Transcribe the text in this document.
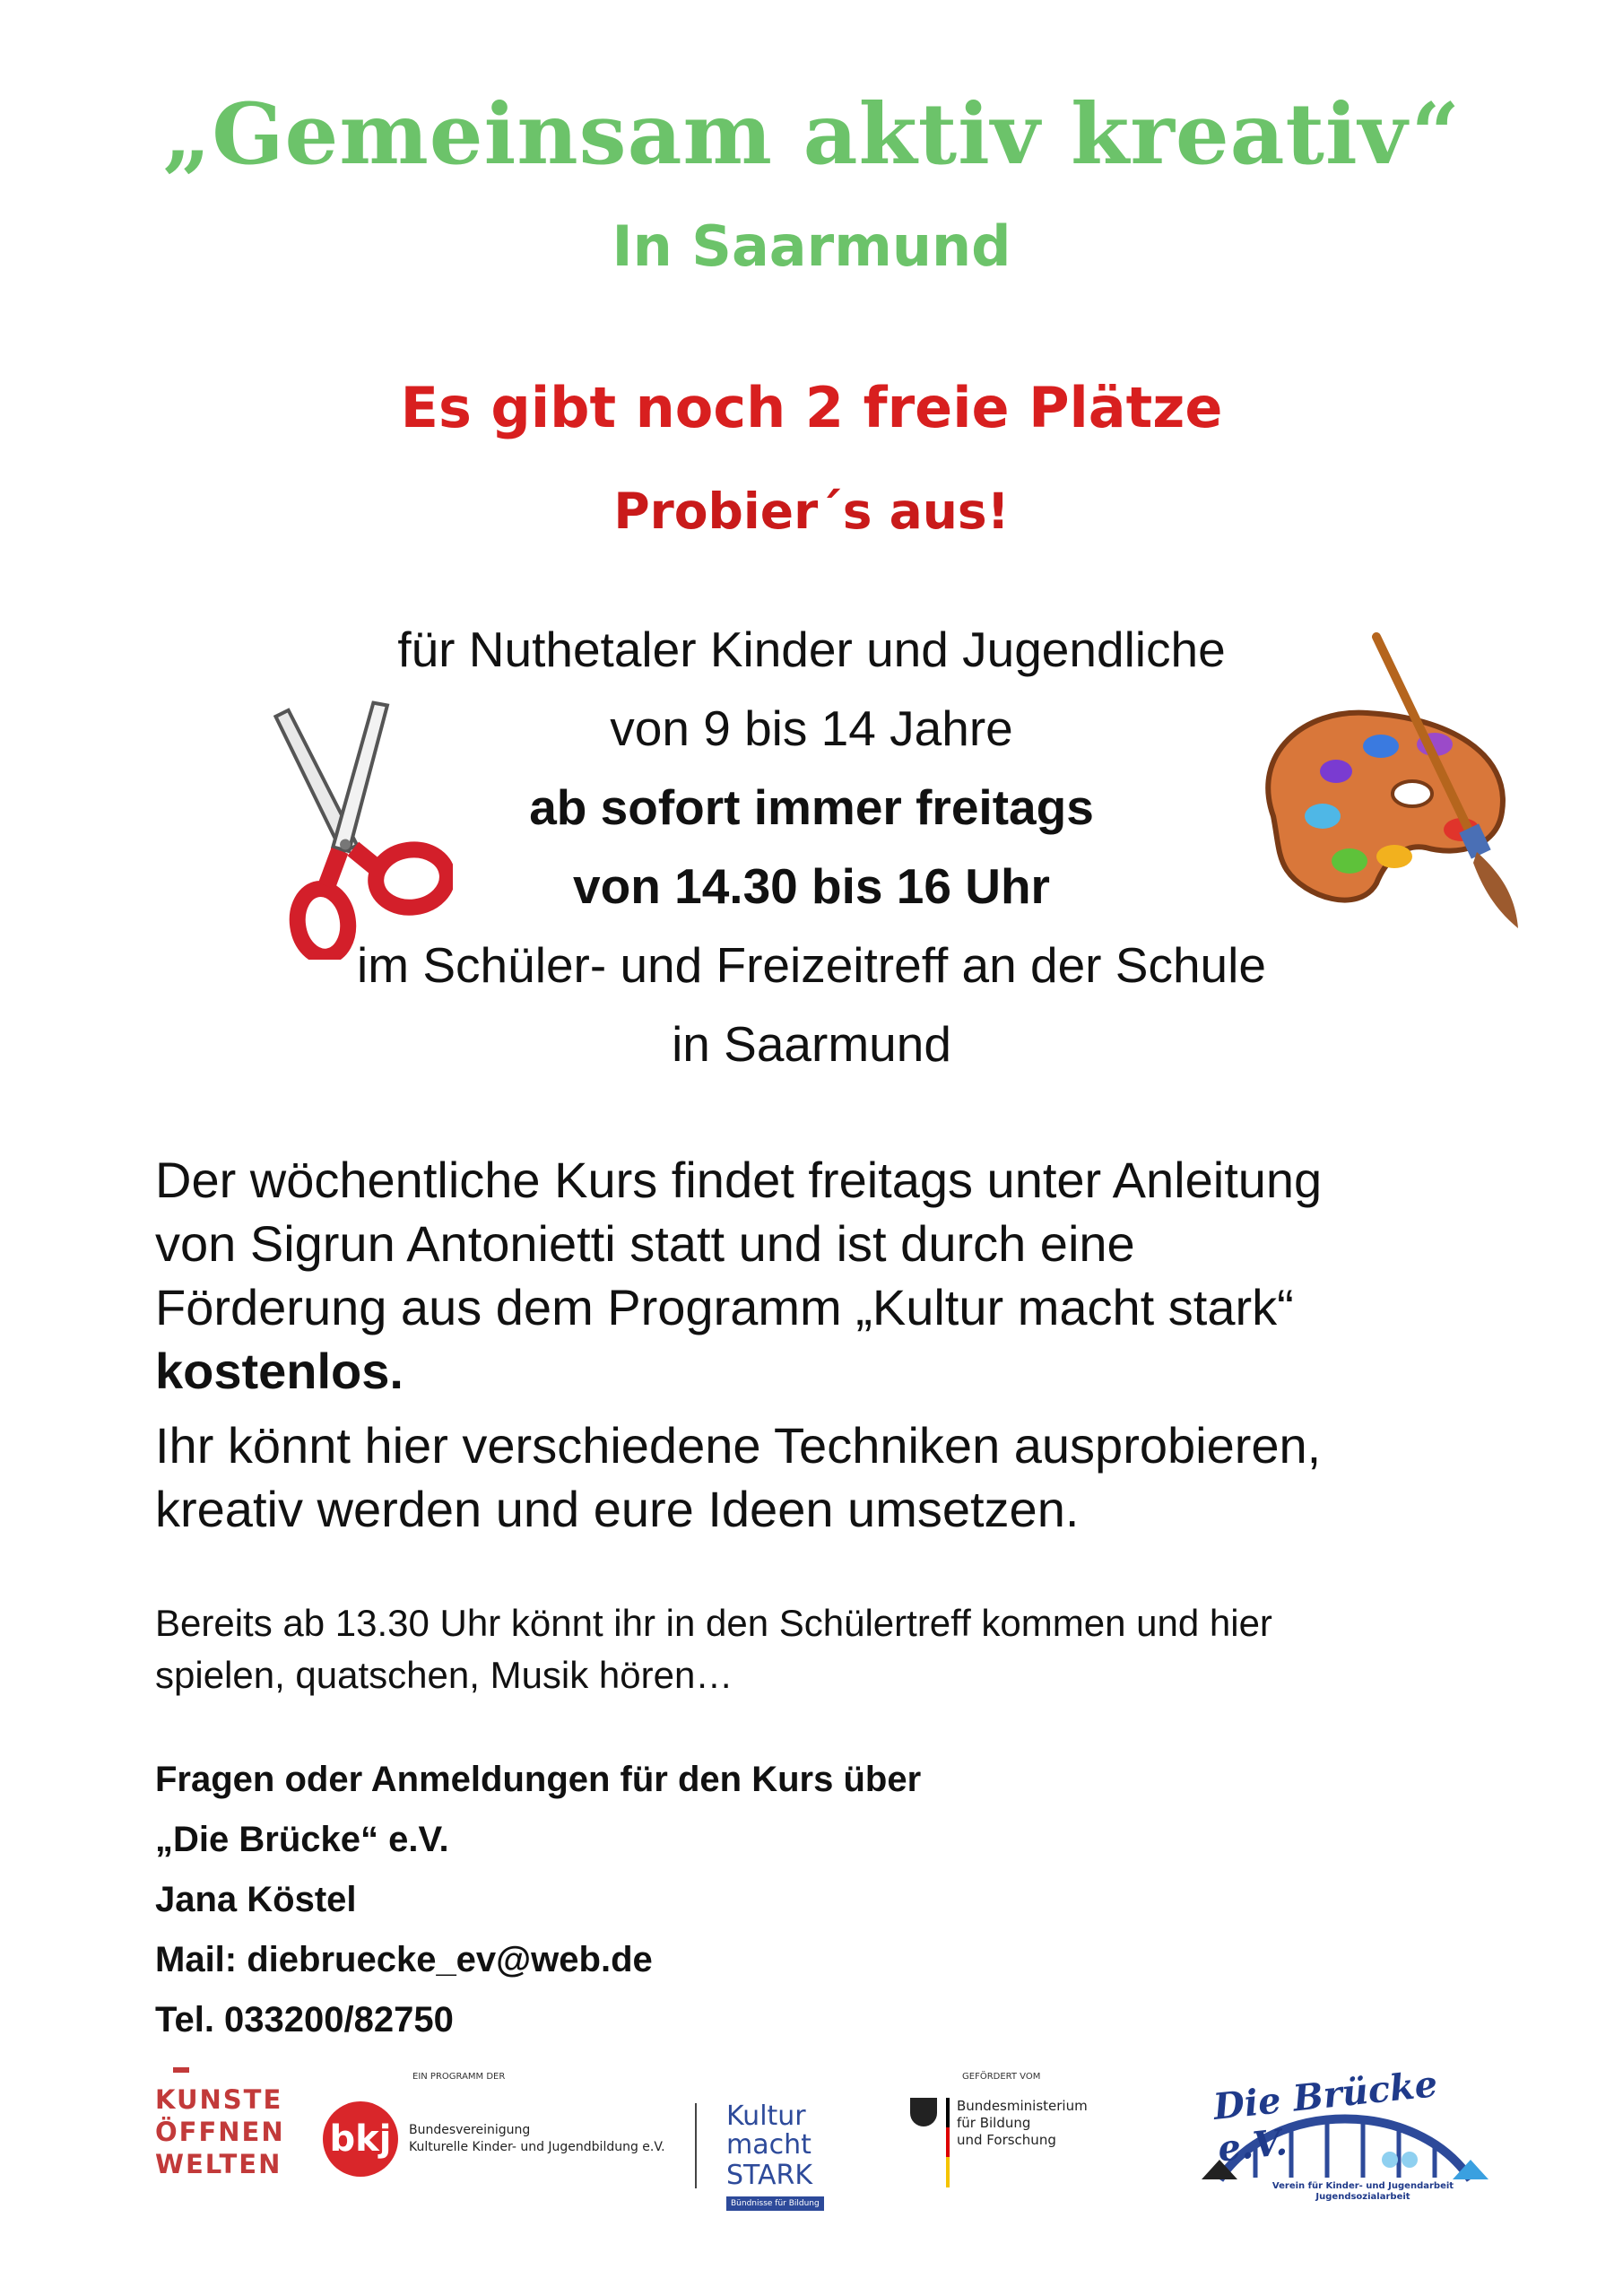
„Gemeinsam aktiv kreativ“
In Saarmund
Es gibt noch 2 freie Plätze
Probier´s aus!
für Nuthetaler Kinder und Jugendliche
von 9 bis 14 Jahre
ab sofort immer freitags
von 14.30 bis 16 Uhr
im Schüler- und Freizeitreff an der Schule
in Saarmund
Der wöchentliche Kurs findet freitags unter Anleitung
von Sigrun Antonietti statt und ist durch eine
Förderung aus dem Programm „Kultur macht stark“
kostenlos.
Ihr könnt hier verschiedene Techniken ausprobieren,
kreativ werden und eure Ideen umsetzen.
Bereits ab 13.30 Uhr könnt ihr in den Schülertreff kommen und hier
spielen, quatschen, Musik hören…
Fragen oder Anmeldungen für den Kurs über
„Die Brücke“ e.V.
Jana Köstel
Mail: diebruecke_ev@web.de
Tel. 033200/82750
KUNSTE
ÖFFNEN
WELTEN
EIN PROGRAMM DER
bkj	Bundesvereinigung
Kulturelle Kinder- und Jugendbildung e.V.
Kultur
macht STARK
Bündnisse für Bildung
GEFÖRDERT VOM
Bundesministerium
für Bildung
und Forschung
Die Brücke e.V.
Verein für Kinder- und Jugendarbeit
Jugendsozialarbeit
